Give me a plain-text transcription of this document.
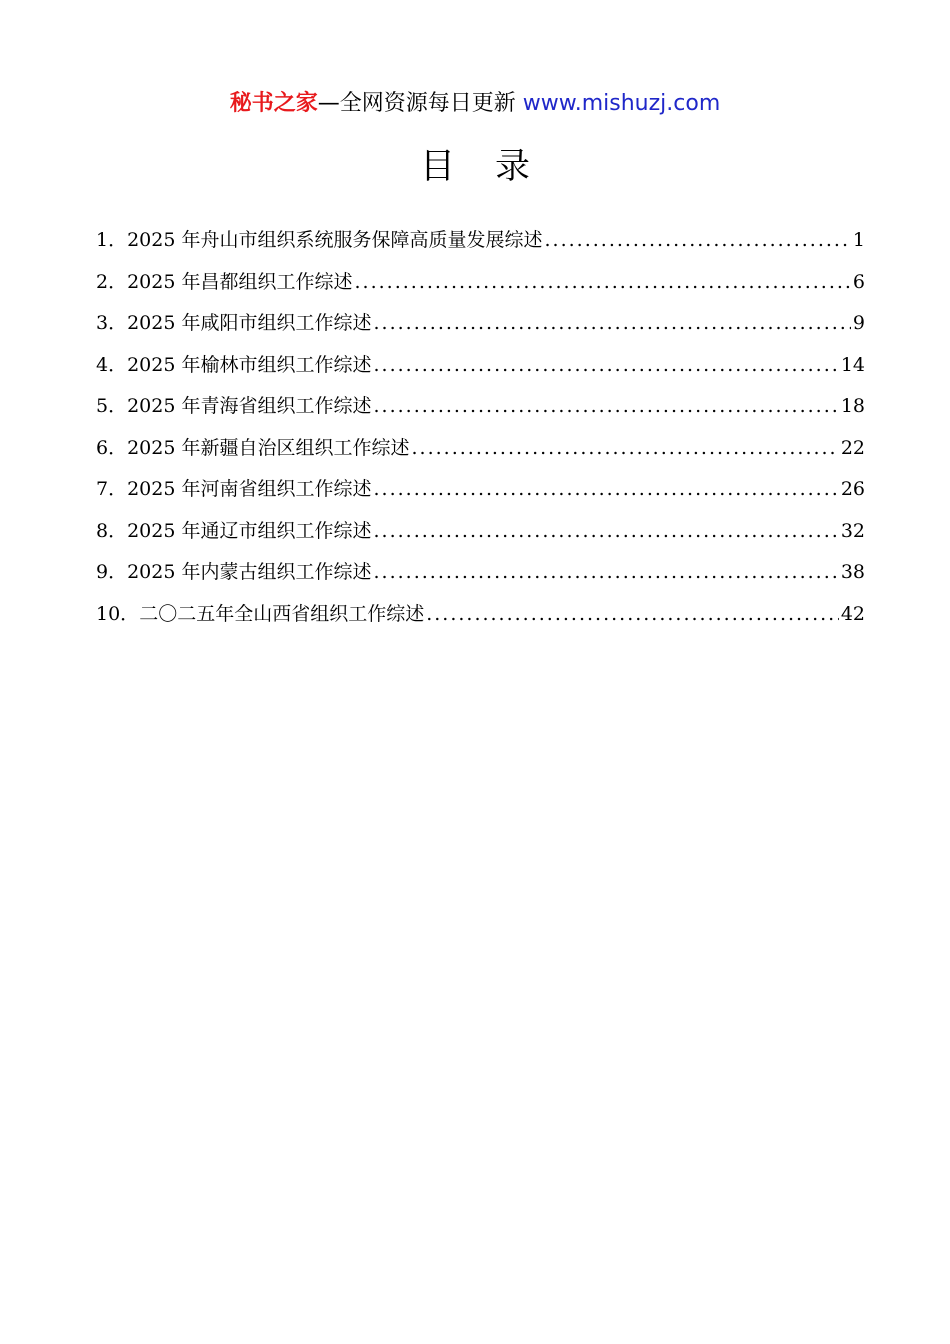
秘书之家—全网资源每日更新 www.mishuzj.com
目录
1． 2025 年舟山市组织系统服务保障高质量发展综述 .....	1
2． 2025 年昌都组织工作综述 .....	6
3． 2025 年咸阳市组织工作综述 .....	9
4． 2025 年榆林市组织工作综述 .....	14
5． 2025 年青海省组织工作综述 .....	18
6． 2025 年新疆自治区组织工作综述 .....	22
7． 2025 年河南省组织工作综述 .....	26
8． 2025 年通辽市组织工作综述 .....	32
9． 2025 年内蒙古组织工作综述 .....	38
10． 二〇二五年全山西省组织工作综述 .....	42
